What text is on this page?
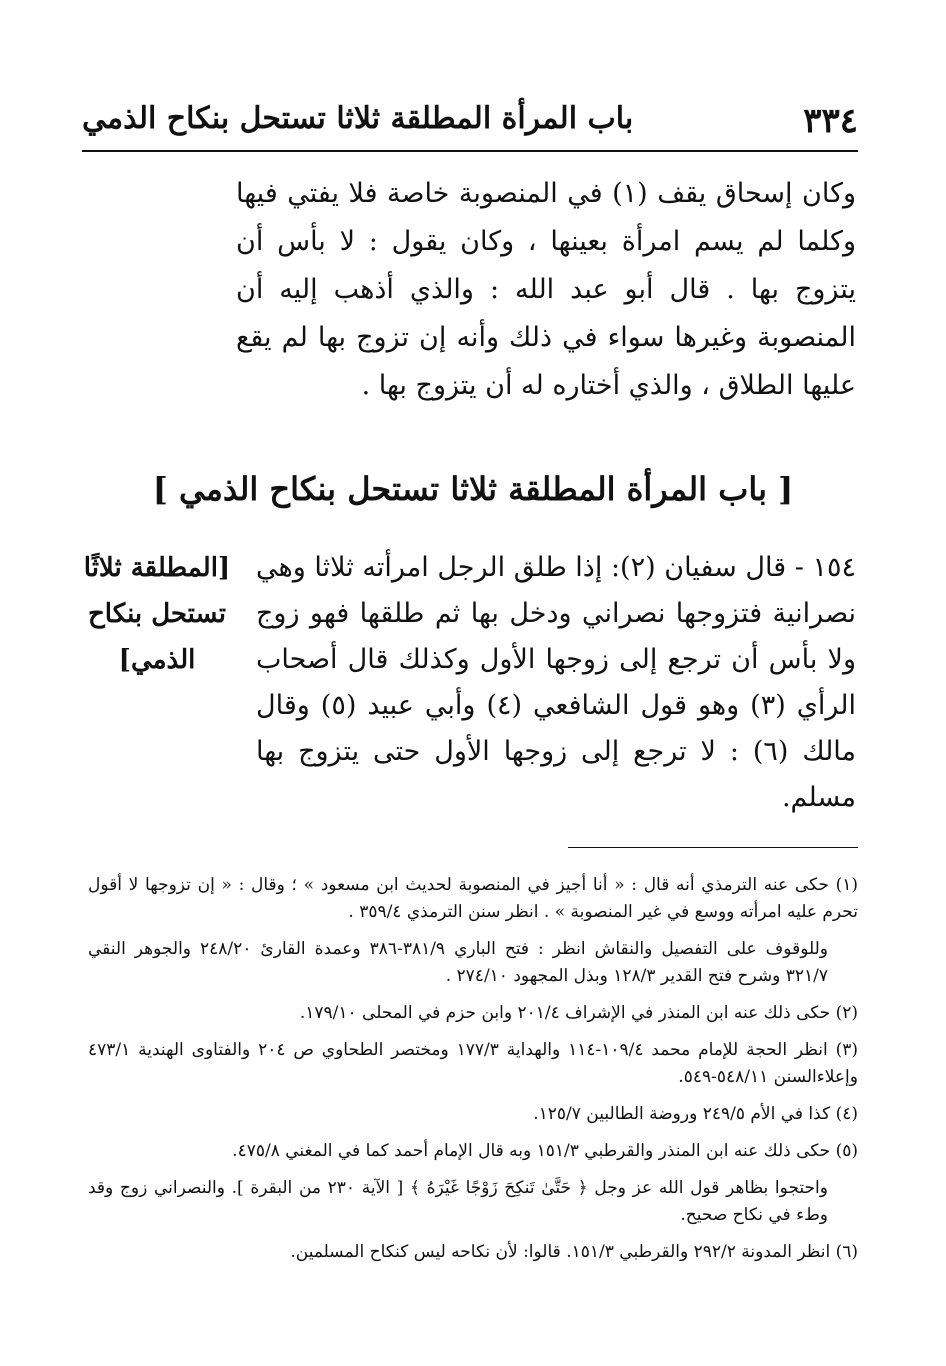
٣٣٤
باب المرأة المطلقة ثلاثا تستحل بنكاح الذمي

وكان إسحاق يقف (١) في المنصوبة خاصة فلا يفتي فيها وكلما لم يسم امرأة بعينها ، وكان يقول : لا بأس أن يتزوج بها . قال أبو عبد الله : والذي أذهب إليه أن المنصوبة وغيرها سواء في ذلك وأنه إن تزوج بها لم يقع عليها الطلاق ، والذي أختاره له أن يتزوج بها .

[ باب المرأة المطلقة ثلاثا تستحل بنكاح الذمي ]

١٥٤ - قال سفيان (٢): إذا طلق الرجل امرأته ثلاثا وهي نصرانية فتزوجها نصراني ودخل بها ثم طلقها فهو زوج ولا بأس أن ترجع إلى زوجها الأول وكذلك قال أصحاب الرأي (٣) وهو قول الشافعي (٤) وأبي عبيد (٥) وقال مالك (٦) : لا ترجع إلى زوجها الأول حتى يتزوج بها مسلم.

[المطلقة ثلاثًا تستحل بنكاح الذمي]

(١) حكى عنه الترمذي أنه قال : « أنا أجيز في المنصوبة لحديث ابن مسعود » ؛ وقال : « إن تزوجها لا أقول تحرم عليه امرأته ووسع في غير المنصوبة » . انظر سنن الترمذي ٣٥٩/٤ .

وللوقوف على التفصيل والنقاش انظر : فتح الباري ٣٨١/٩-٣٨٦ وعمدة القارئ ٢٤٨/٢٠ والجوهر النقي ٣٢١/٧ وشرح فتح القدير ١٢٨/٣ وبذل المجهود ٢٧٤/١٠ .

(٢) حكى ذلك عنه ابن المنذر في الإشراف ٢٠١/٤ وابن حزم في المحلى ١٧٩/١٠.

(٣) انظر الحجة للإمام محمد ١٠٩/٤-١١٤ والهداية ١٧٧/٣ ومختصر الطحاوي ص ٢٠٤ والفتاوى الهندية ٤٧٣/١ وإعلاءالسنن ٥٤٨/١١-٥٤٩.

(٤) كذا في الأم ٢٤٩/٥ وروضة الطالبين ١٢٥/٧.

(٥) حكى ذلك عنه ابن المنذر والقرطبي ١٥١/٣ وبه قال الإمام أحمد كما في المغني ٤٧٥/٨.

واحتجوا بظاهر قول الله عز وجل ﴿ حَتَّىٰ تَنكِحَ زَوْجًا غَيْرَهُ ﴾ [ الآية ٢٣٠ من البقرة ]. والنصراني زوج وقد وطء في نكاح صحيح.

(٦) انظر المدونة ٢٩٢/٢ والقرطبي ١٥١/٣. قالوا: لأن نكاحه ليس كنكاح المسلمين.
